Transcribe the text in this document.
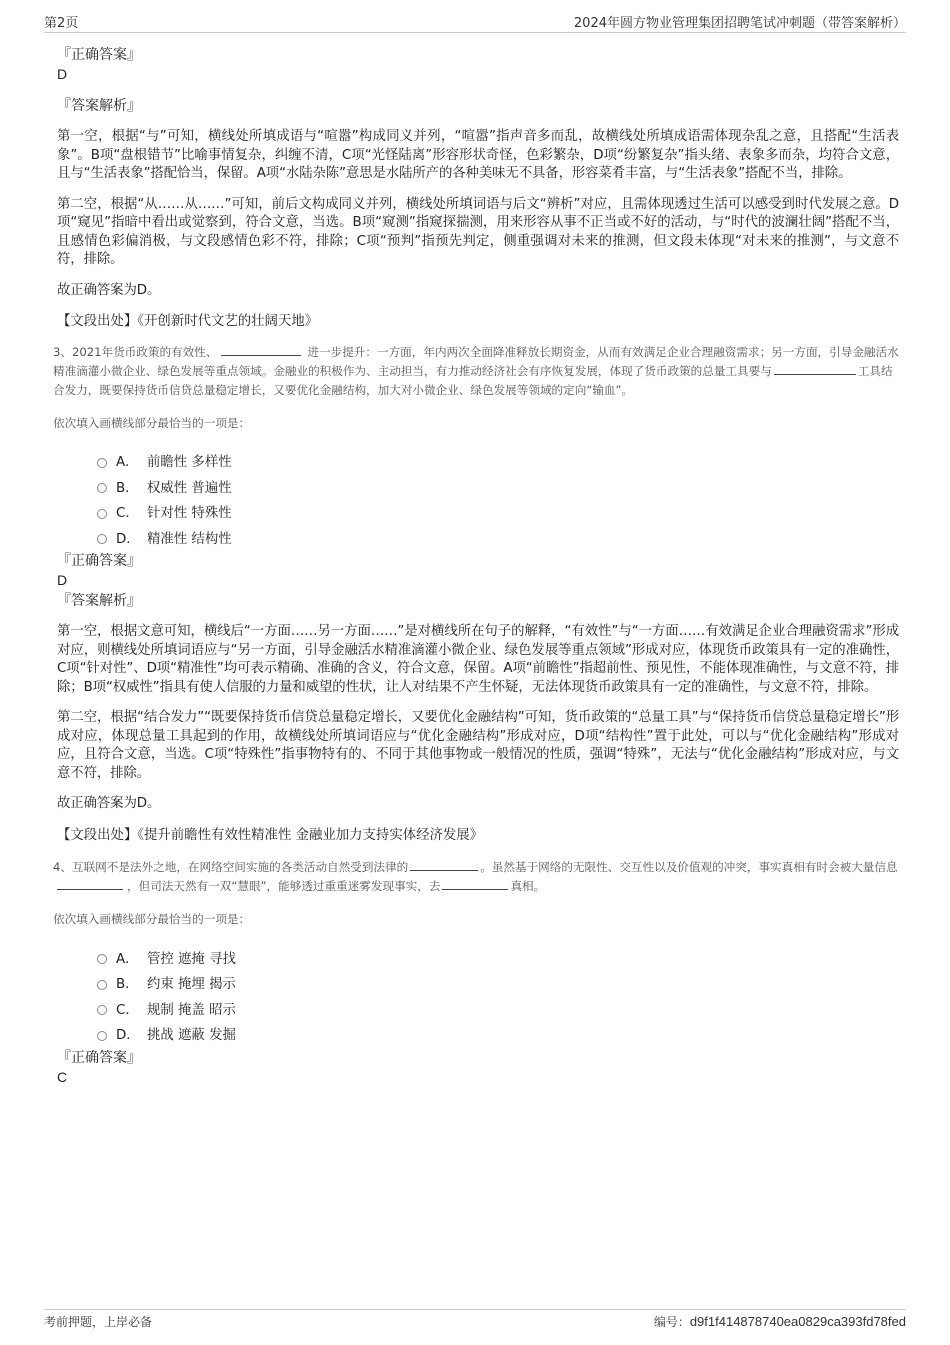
第2页	2024年圆方物业管理集团招聘笔试冲刺题（带答案解析）

『正确答案』

D

『答案解析』

第一空，根据“与”可知，横线处所填成语与“喧嚣”构成同义并列，“喧嚣”指声音多而乱，故横线处所填成语需体现杂乱之意，且搭配“生活表象”。B项“盘根错节”比喻事情复杂，纠缠不清，C项“光怪陆离”形容形状奇怪，色彩繁杂，D项“纷繁复杂”指头绪、表象多而杂，均符合文意，且与“生活表象”搭配恰当，保留。A项“水陆杂陈”意思是水陆所产的各种美味无不具备，形容菜肴丰富，与“生活表象”搭配不当，排除。

第二空，根据“从……从……”可知，前后文构成同义并列，横线处所填词语与后文“辨析”对应，且需体现透过生活可以感受到时代发展之意。D项“窥见”指暗中看出或觉察到，符合文意，当选。B项“窥测”指窥探揣测，用来形容从事不正当或不好的活动，与“时代的波澜壮阔”搭配不当，且感情色彩偏消极，与文段感情色彩不符，排除；C项“预判”指预先判定，侧重强调对未来的推测，但文段未体现“对未来的推测”，与文意不符，排除。

故正确答案为D。

【文段出处】《开创新时代文艺的壮阔天地》

3、2021年货币政策的有效性、	进一步提升：一方面，年内两次全面降准释放长期资金，从而有效满足企业合理融资需求；另一方面，引导金融活水精准滴灌小微企业、绿色发展等重点领域。金融业的积极作为、主动担当，有力推动经济社会有序恢复发展，体现了货币政策的总量工具要与	工具结合发力，既要保持货币信贷总量稳定增长，又要优化金融结构，加大对小微企业、绿色发展等领域的定向“输血”。

依次填入画横线部分最恰当的一项是：

A． 前瞻性 多样性
B． 权威性 普遍性
C． 针对性 特殊性
D． 精准性 结构性

『正确答案』

D

『答案解析』

第一空，根据文意可知，横线后“一方面……另一方面……”是对横线所在句子的解释，“有效性”与“一方面……有效满足企业合理融资需求”形成对应，则横线处所填词语应与“另一方面，引导金融活水精准滴灌小微企业、绿色发展等重点领域”形成对应，体现货币政策具有一定的准确性，C项“针对性”、D项“精准性”均可表示精确、准确的含义，符合文意，保留。A项“前瞻性”指超前性、预见性，不能体现准确性，与文意不符，排除；B项“权威性”指具有使人信服的力量和威望的性状，让人对结果不产生怀疑，无法体现货币政策具有一定的准确性，与文意不符，排除。

第二空，根据“结合发力”“既要保持货币信贷总量稳定增长，又要优化金融结构”可知，货币政策的“总量工具”与“保持货币信贷总量稳定增长”形成对应，体现总量工具起到的作用，故横线处所填词语应与“优化金融结构”形成对应，D项“结构性”置于此处，可以与“优化金融结构”形成对应，且符合文意，当选。C项“特殊性”指事物特有的、不同于其他事物或一般情况的性质，强调“特殊”，无法与“优化金融结构”形成对应，与文意不符，排除。

故正确答案为D。

【文段出处】《提升前瞻性有效性精准性 金融业加力支持实体经济发展》

4、互联网不是法外之地，在网络空间实施的各类活动自然受到法律的	。虽然基于网络的无限性、交互性以及价值观的冲突，事实真相有时会被大量信息，但司法天然有一双“慧眼”，能够透过重重迷雾发现事实，去	真相。

依次填入画横线部分最恰当的一项是：

A． 管控 遮掩 寻找
B． 约束 掩埋 揭示
C． 规制 掩盖 昭示
D． 挑战 遮蔽 发掘

『正确答案』

C

考前押题，上岸必备	编号：d9f1f414878740ea0829ca393fd78fed
